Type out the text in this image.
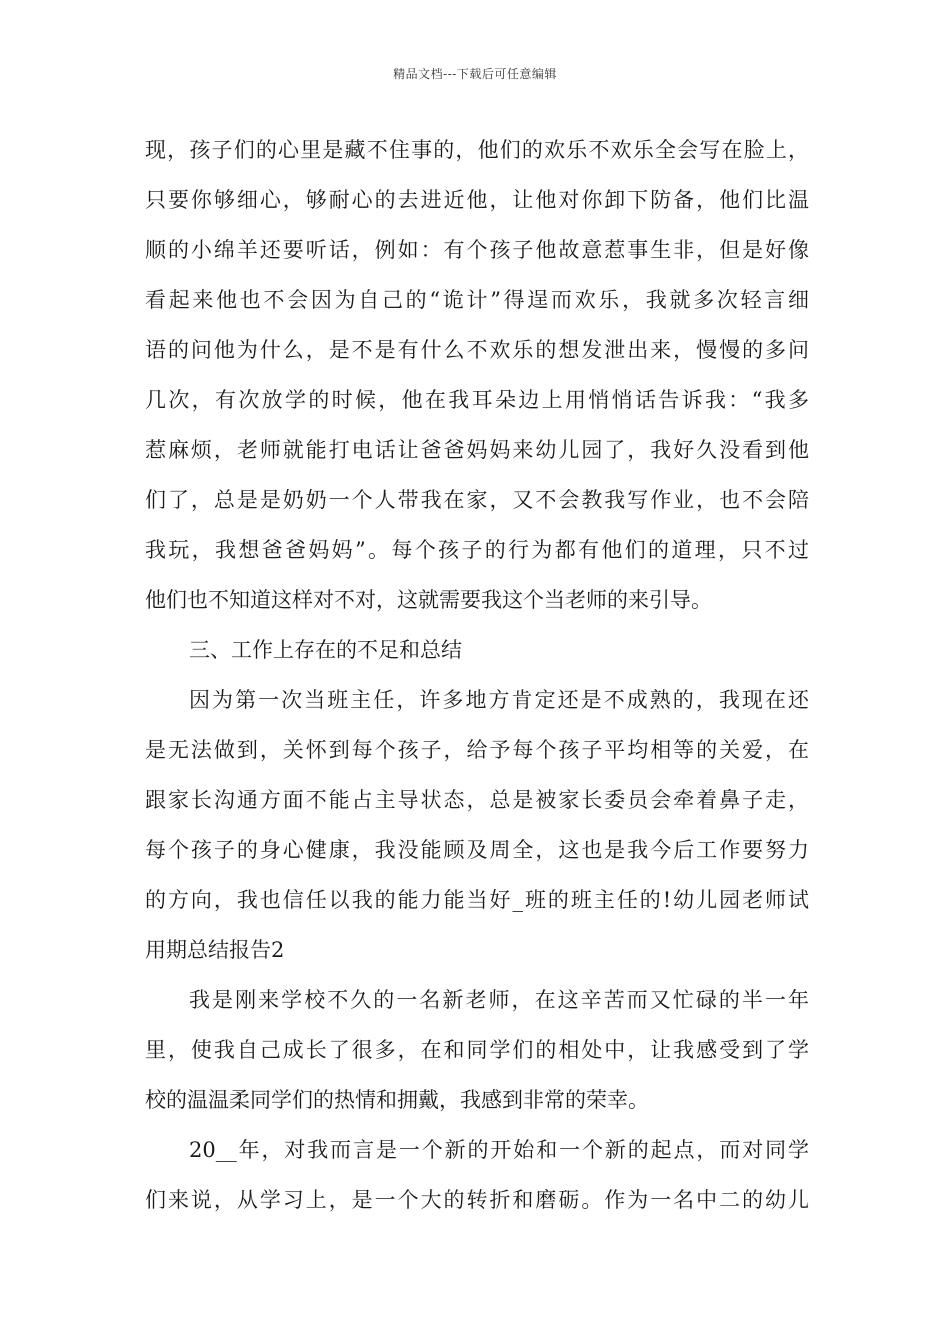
精品文档---下载后可任意编辑
现，孩子们的心里是藏不住事的，他们的欢乐不欢乐全会写在脸上，
只要你够细心，够耐心的去进近他，让他对你卸下防备，他们比温
顺的小绵羊还要听话，例如：有个孩子他故意惹事生非，但是好像
看起来他也不会因为自己的“诡计”得逞而欢乐，我就多次轻言细
语的问他为什么，是不是有什么不欢乐的想发泄出来，慢慢的多问
几次，有次放学的时候，他在我耳朵边上用悄悄话告诉我：“我多
惹麻烦，老师就能打电话让爸爸妈妈来幼儿园了，我好久没看到他
们了，总是是奶奶一个人带我在家，又不会教我写作业，也不会陪
我玩，我想爸爸妈妈”。每个孩子的行为都有他们的道理，只不过
他们也不知道这样对不对，这就需要我这个当老师的来引导。
三、工作上存在的不足和总结
因为第一次当班主任，许多地方肯定还是不成熟的，我现在还
是无法做到，关怀到每个孩子，给予每个孩子平均相等的关爱，在
跟家长沟通方面不能占主导状态，总是被家长委员会牵着鼻子走，
每个孩子的身心健康，我没能顾及周全，这也是我今后工作要努力
的方向，我也信任以我的能力能当好_班的班主任的!幼儿园老师试
用期总结报告2
我是刚来学校不久的一名新老师，在这辛苦而又忙碌的半一年
里，使我自己成长了很多，在和同学们的相处中，让我感受到了学
校的温温柔同学们的热情和拥戴，我感到非常的荣幸。
20__年，对我而言是一个新的开始和一个新的起点，而对同学
们来说，从学习上，是一个大的转折和磨砺。作为一名中二的幼儿
